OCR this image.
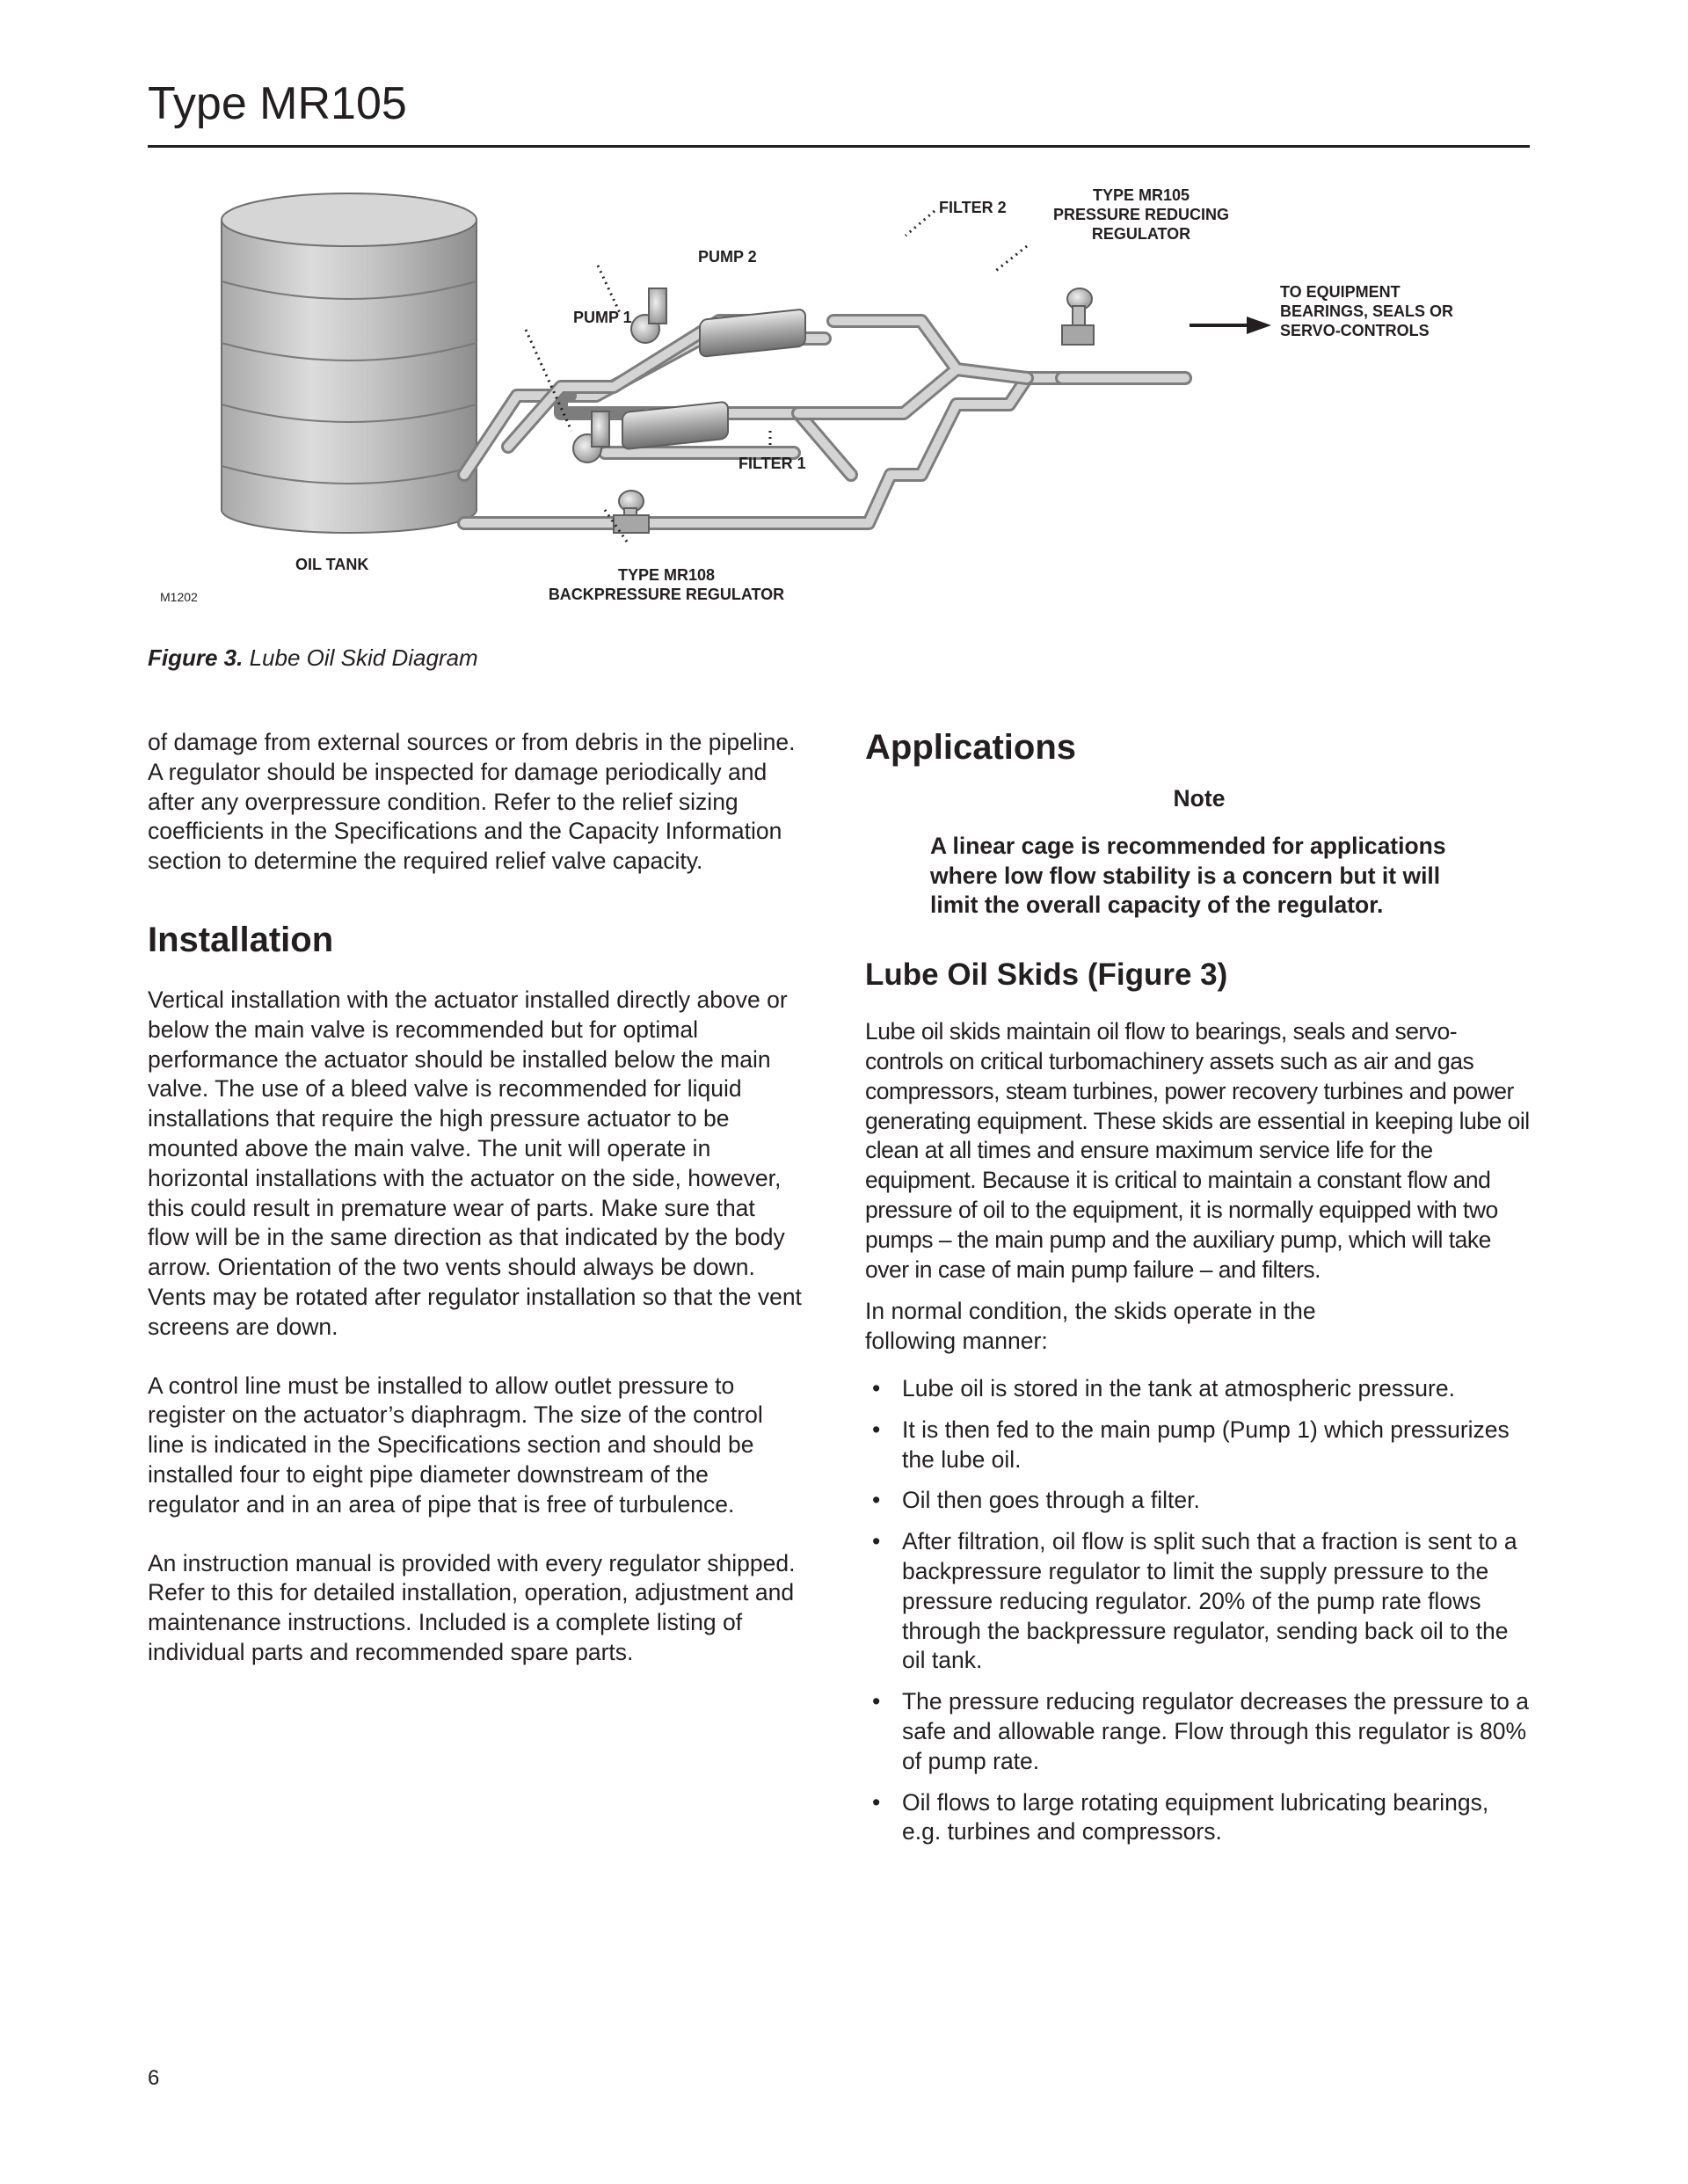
Type MR105
FILTER 2
TYPE MR105
PRESSURE REDUCING
REGULATOR
PUMP 2
TO EQUIPMENT
BEARINGS, SEALS OR
SERVO-CONTROLS
PUMP 1
FILTER 1
OIL TANK
TYPE MR108
BACKPRESSURE REGULATOR
M1202
Figure 3. Lube Oil Skid Diagram

of damage from external sources or from debris in the pipeline. A regulator should be inspected for damage periodically and after any overpressure condition. Refer to the relief sizing coefficients in the Specifications and the Capacity Information section to determine the required relief valve capacity.

Installation

Vertical installation with the actuator installed directly above or below the main valve is recommended but for optimal performance the actuator should be installed below the main valve. The use of a bleed valve is recommended for liquid installations that require the high pressure actuator to be mounted above the main valve. The unit will operate in horizontal installations with the actuator on the side, however, this could result in premature wear of parts. Make sure that flow will be in the same direction as that indicated by the body arrow. Orientation of the two vents should always be down. Vents may be rotated after regulator installation so that the vent screens are down.

A control line must be installed to allow outlet pressure to register on the actuator’s diaphragm. The size of the control line is indicated in the Specifications section and should be installed four to eight pipe diameter downstream of the regulator and in an area of pipe that is free of turbulence.

An instruction manual is provided with every regulator shipped. Refer to this for detailed installation, operation, adjustment and maintenance instructions. Included is a complete listing of individual parts and recommended spare parts.

Applications

Note

A linear cage is recommended for applications where low flow stability is a concern but it will limit the overall capacity of the regulator.

Lube Oil Skids (Figure 3)

Lube oil skids maintain oil flow to bearings, seals and servo-controls on critical turbomachinery assets such as air and gas compressors, steam turbines, power recovery turbines and power generating equipment. These skids are essential in keeping lube oil clean at all times and ensure maximum service life for the equipment. Because it is critical to maintain a constant flow and pressure of oil to the equipment, it is normally equipped with two pumps – the main pump and the auxiliary pump, which will take over in case of main pump failure – and filters.

In normal condition, the skids operate in the following manner:

• Lube oil is stored in the tank at atmospheric pressure.
• It is then fed to the main pump (Pump 1) which pressurizes the lube oil.
• Oil then goes through a filter.
• After filtration, oil flow is split such that a fraction is sent to a backpressure regulator to limit the supply pressure to the pressure reducing regulator. 20% of the pump rate flows through the backpressure regulator, sending back oil to the oil tank.
• The pressure reducing regulator decreases the pressure to a safe and allowable range. Flow through this regulator is 80% of pump rate.
• Oil flows to large rotating equipment lubricating bearings, e.g. turbines and compressors.
6
